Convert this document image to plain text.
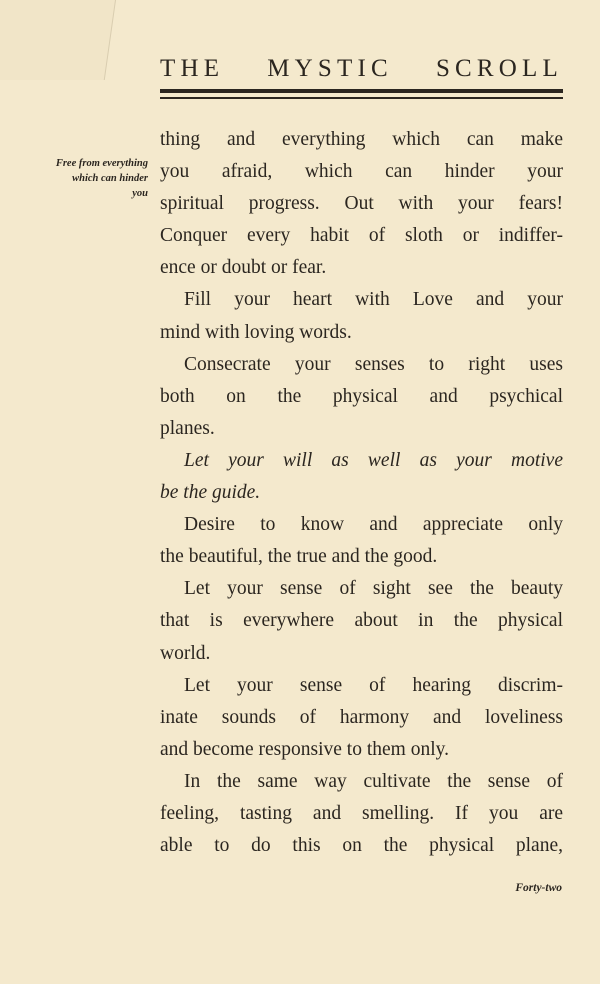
THE MYSTIC SCROLL
Free from everything
which can hinder
you
thing and everything which can make
you afraid, which can hinder your
spiritual progress. Out with your fears!
Conquer every habit of sloth or indiffer-
ence or doubt or fear.
Fill your heart with Love and your
mind with loving words.
Consecrate your senses to right uses
both on the physical and psychical
planes.
Let your will as well as your motive
be the guide.
Desire to know and appreciate only
the beautiful, the true and the good.
Let your sense of sight see the beauty
that is everywhere about in the physical
world.
Let your sense of hearing discrim-
inate sounds of harmony and loveliness
and become responsive to them only.
In the same way cultivate the sense of
feeling, tasting and smelling. If you are
able to do this on the physical plane,
Forty-two
